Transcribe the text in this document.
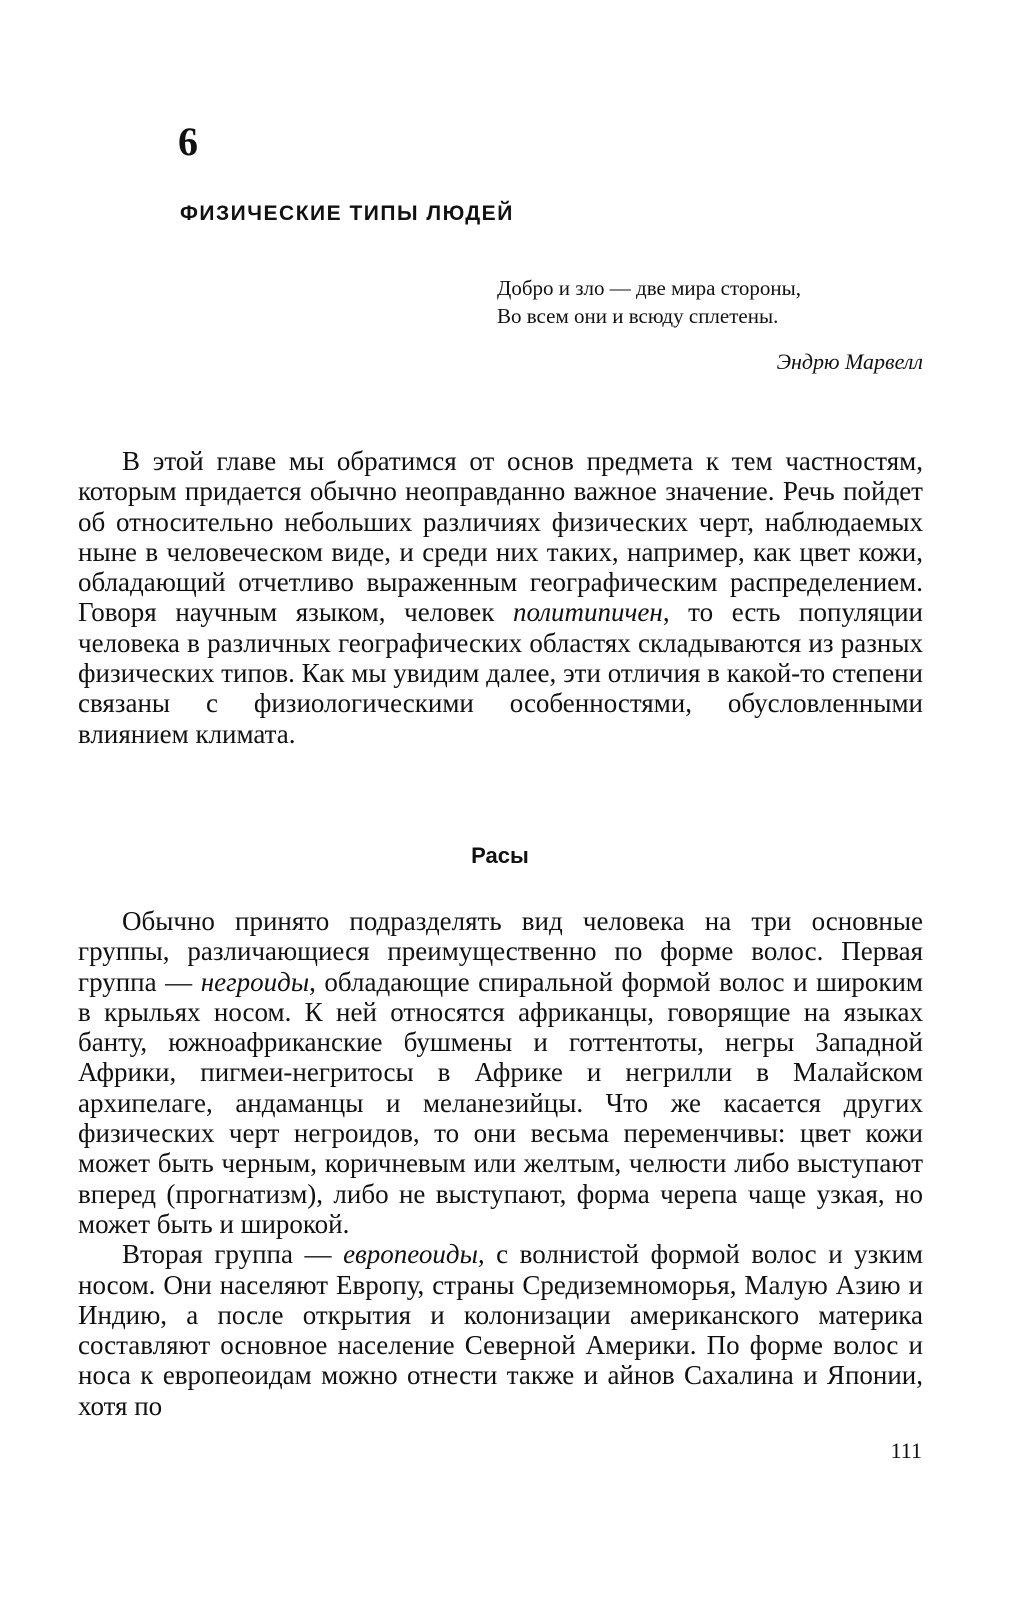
6
ФИЗИЧЕСКИЕ ТИПЫ ЛЮДЕЙ
Добро и зло — две мира стороны,
Во всем они и всюду сплетены.
Эндрю Марвелл

В этой главе мы обратимся от основ предмета к тем частностям, которым придается обычно неоправданно важное значение. Речь пойдет об относительно небольших различиях физических черт, наблюдаемых ныне в человеческом виде, и среди них таких, например, как цвет кожи, обладающий отчетливо выраженным географическим распределением. Говоря научным языком, человек политипичен, то есть популяции человека в различных географических областях складываются из разных физических типов. Как мы увидим далее, эти отличия в какой-то степени связаны с физиологическими особенностями, обусловленными влиянием климата.

Расы

Обычно принято подразделять вид человека на три основные группы, различающиеся преимущественно по форме волос. Первая группа — негроиды, обладающие спиральной формой волос и широким в крыльях носом. К ней относятся африканцы, говорящие на языках банту, южноафриканские бушмены и готтентоты, негры Западной Африки, пигмеи-негритосы в Африке и негрилли в Малайском архипелаге, андаманцы и меланезийцы. Что же касается других физических черт негроидов, то они весьма переменчивы: цвет кожи может быть черным, коричневым или желтым, челюсти либо выступают вперед (прогнатизм), либо не выступают, форма черепа чаще узкая, но может быть и широкой.

Вторая группа — европеоиды, с волнистой формой волос и узким носом. Они населяют Европу, страны Средиземноморья, Малую Азию и Индию, а после открытия и колонизации американского материка составляют основное население Северной Америки. По форме волос и носа к европеоидам можно отнести также и айнов Сахалина и Японии, хотя по

111
